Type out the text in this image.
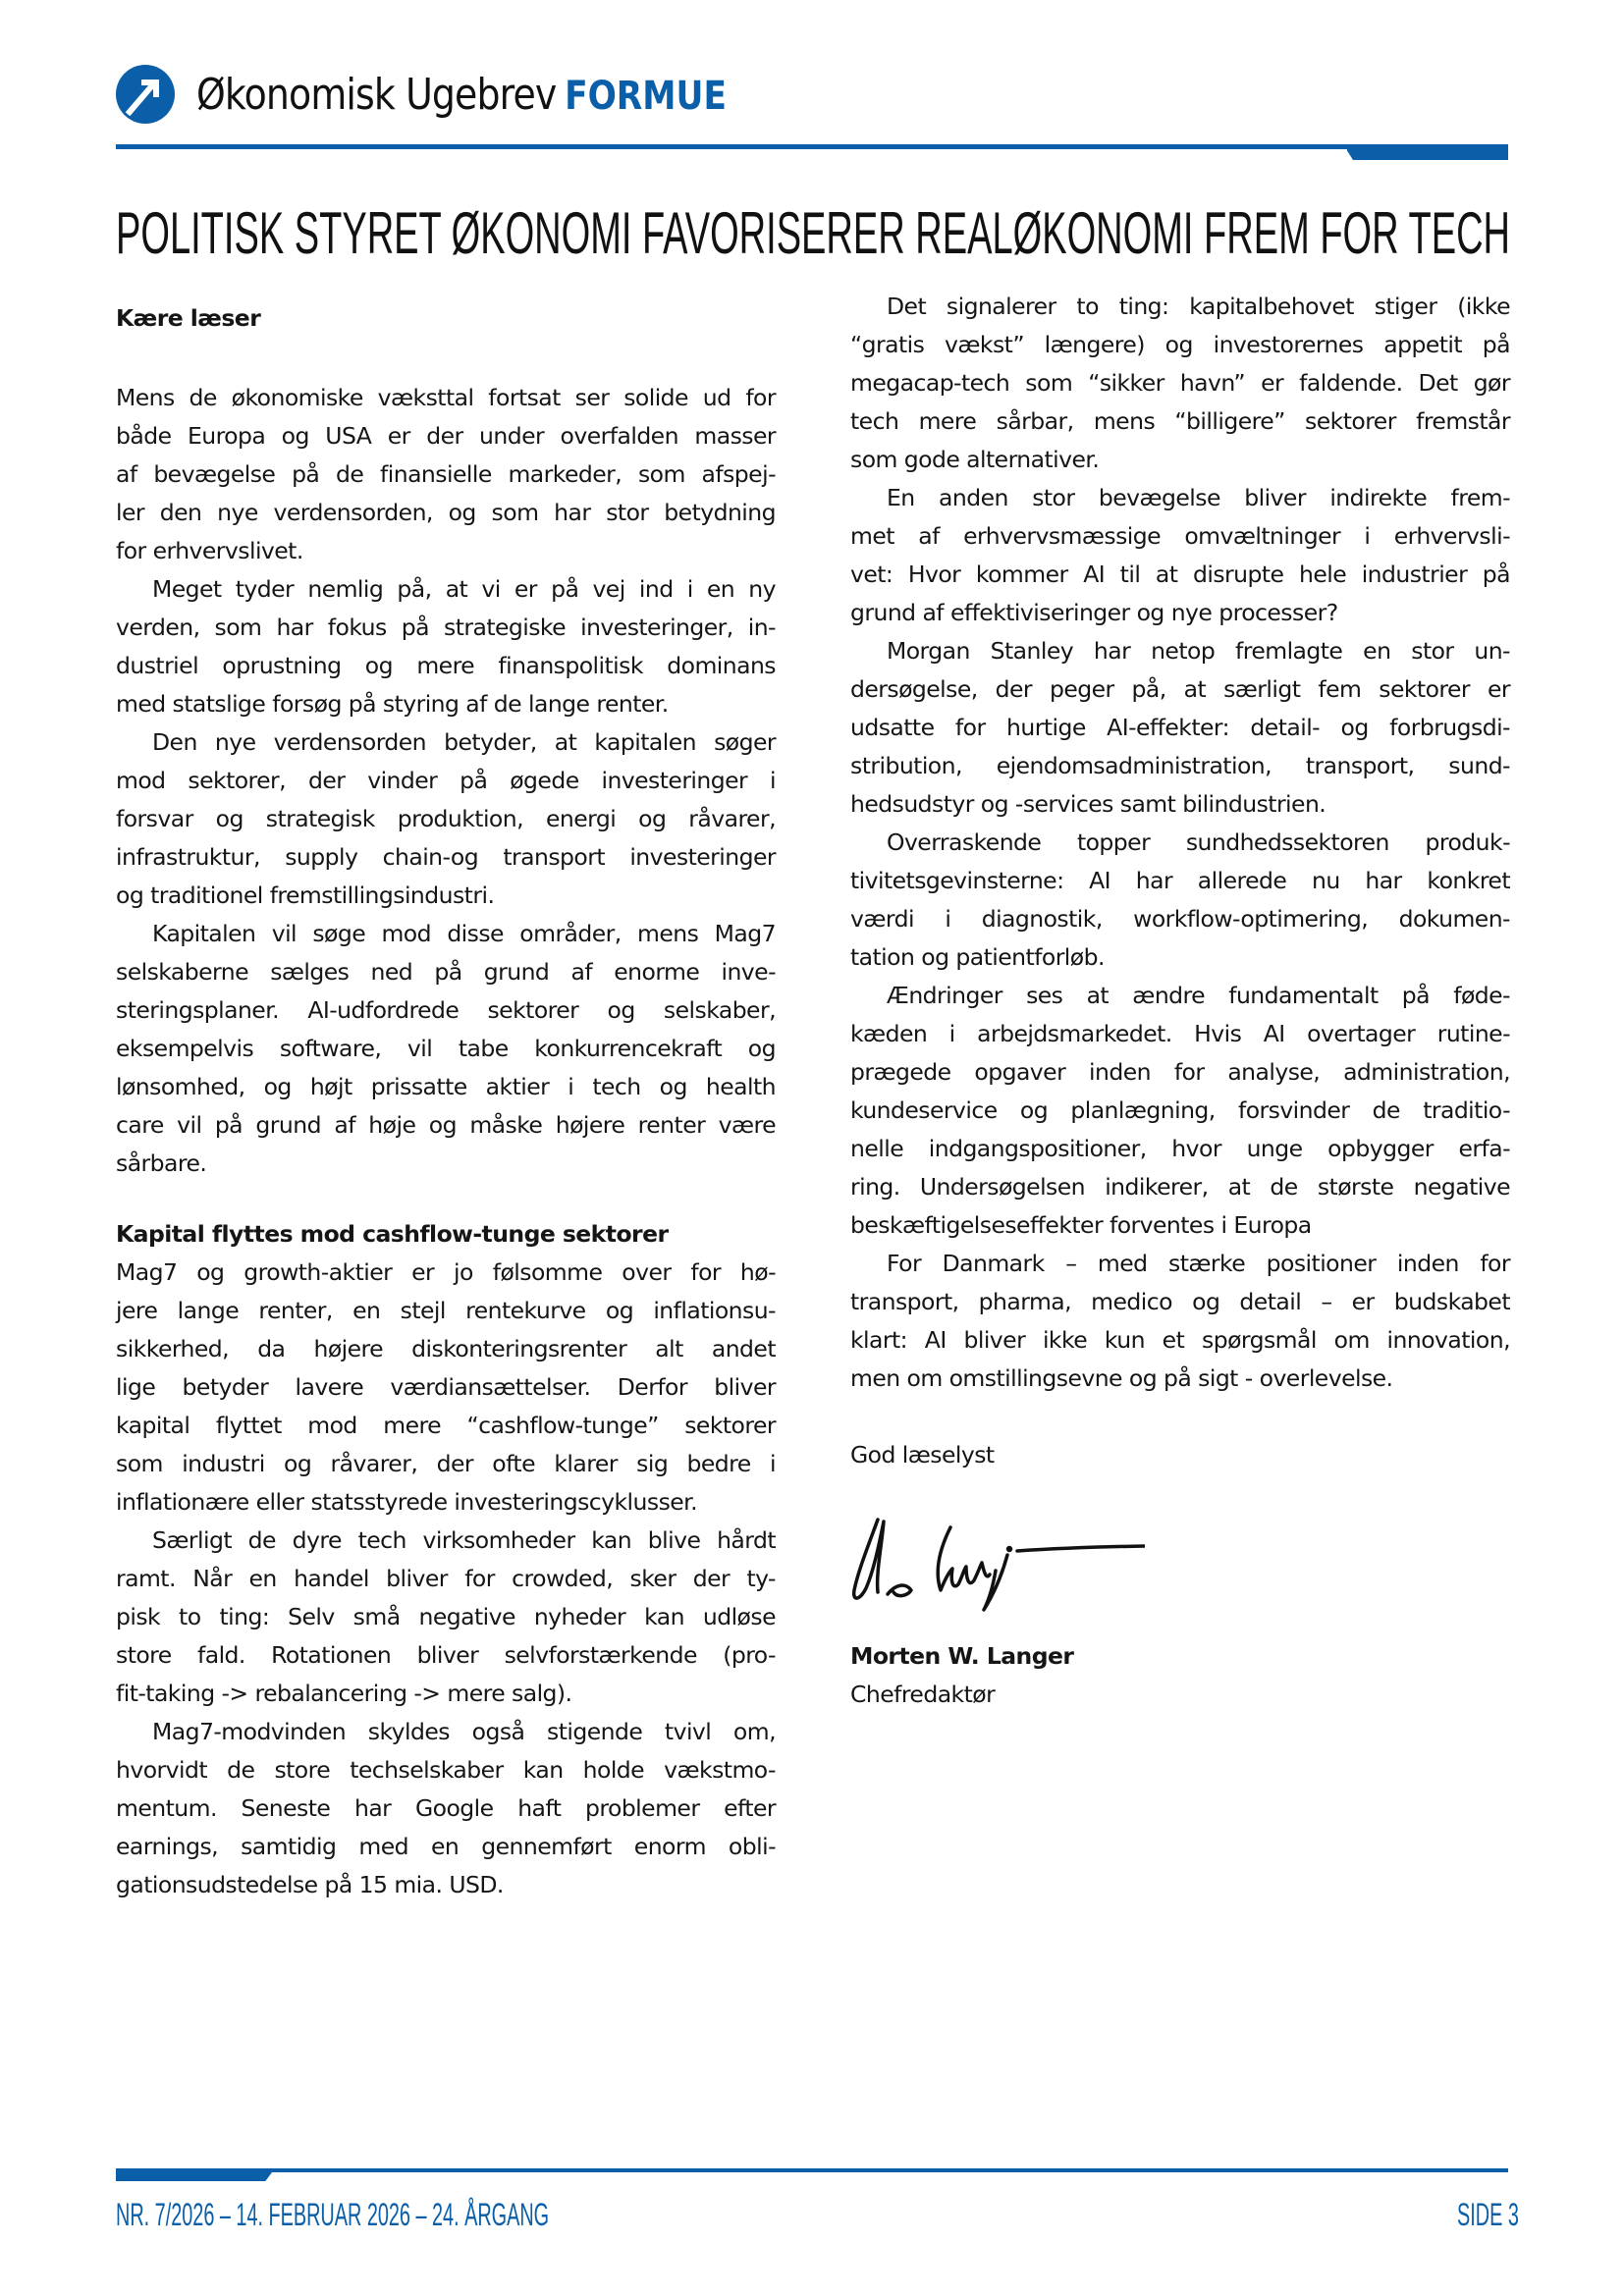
Økonomisk Ugebrev FORMUE
POLITISK STYRET ØKONOMI FAVORISERER REALØKONOMI FREM FOR TECH
Kære læser
Mens de økonomiske væksttal fortsat ser solide ud for
både Europa og USA er der under overfalden masser
af bevægelse på de finansielle markeder, som afspej-
ler den nye verdensorden, og som har stor betydning
for erhvervslivet.
Meget tyder nemlig på, at vi er på vej ind i en ny
verden, som har fokus på strategiske investeringer, in-
dustriel oprustning og mere finanspolitisk dominans
med statslige forsøg på styring af de lange renter.
Den nye verdensorden betyder, at kapitalen søger
mod sektorer, der vinder på øgede investeringer i
forsvar og strategisk produktion, energi og råvarer,
infrastruktur, supply chain-og transport investeringer
og traditionel fremstillingsindustri.
Kapitalen vil søge mod disse områder, mens Mag7
selskaberne sælges ned på grund af enorme inve-
steringsplaner. AI-udfordrede sektorer og selskaber,
eksempelvis software, vil tabe konkurrencekraft og
lønsomhed, og højt prissatte aktier i tech og health
care vil på grund af høje og måske højere renter være
sårbare.
Kapital flyttes mod cashflow-tunge sektorer
Mag7 og growth-aktier er jo følsomme over for hø-
jere lange renter, en stejl rentekurve og inflationsu-
sikkerhed, da højere diskonteringsrenter alt andet
lige betyder lavere værdiansættelser. Derfor bliver
kapital flyttet mod mere “cashflow-tunge” sektorer
som industri og råvarer, der ofte klarer sig bedre i
inflationære eller statsstyrede investeringscyklusser.
Særligt de dyre tech virksomheder kan blive hårdt
ramt. Når en handel bliver for crowded, sker der ty-
pisk to ting: Selv små negative nyheder kan udløse
store fald. Rotationen bliver selvforstærkende (pro-
fit-taking -> rebalancering -> mere salg).
Mag7-modvinden skyldes også stigende tvivl om,
hvorvidt de store techselskaber kan holde vækstmo-
mentum. Seneste har Google haft problemer efter
earnings, samtidig med en gennemført enorm obli-
gationsudstedelse på 15 mia. USD.
Det signalerer to ting: kapitalbehovet stiger (ikke
“gratis vækst” længere) og investorernes appetit på
megacap-tech som “sikker havn” er faldende. Det gør
tech mere sårbar, mens “billigere” sektorer fremstår
som gode alternativer.
En anden stor bevægelse bliver indirekte frem-
met af erhvervsmæssige omvæltninger i erhvervsli-
vet: Hvor kommer AI til at disrupte hele industrier på
grund af effektiviseringer og nye processer?
Morgan Stanley har netop fremlagte en stor un-
dersøgelse, der peger på, at særligt fem sektorer er
udsatte for hurtige AI-effekter: detail- og forbrugsdi-
stribution, ejendomsadministration, transport, sund-
hedsudstyr og -services samt bilindustrien.
Overraskende topper sundhedssektoren produk-
tivitetsgevinsterne: AI har allerede nu har konkret
værdi i diagnostik, workflow-optimering, dokumen-
tation og patientforløb.
Ændringer ses at ændre fundamentalt på føde-
kæden i arbejdsmarkedet. Hvis AI overtager rutine-
prægede opgaver inden for analyse, administration,
kundeservice og planlægning, forsvinder de traditio-
nelle indgangspositioner, hvor unge opbygger erfa-
ring. Undersøgelsen indikerer, at de største negative
beskæftigelseseffekter forventes i Europa
For Danmark – med stærke positioner inden for
transport, pharma, medico og detail – er budskabet
klart: AI bliver ikke kun et spørgsmål om innovation,
men om omstillingsevne og på sigt - overlevelse.
God læselyst
Morten W. Langer
Chefredaktør
NR. 7/2026 – 14. FEBRUAR 2026 – 24. ÅRGANG	SIDE 3
